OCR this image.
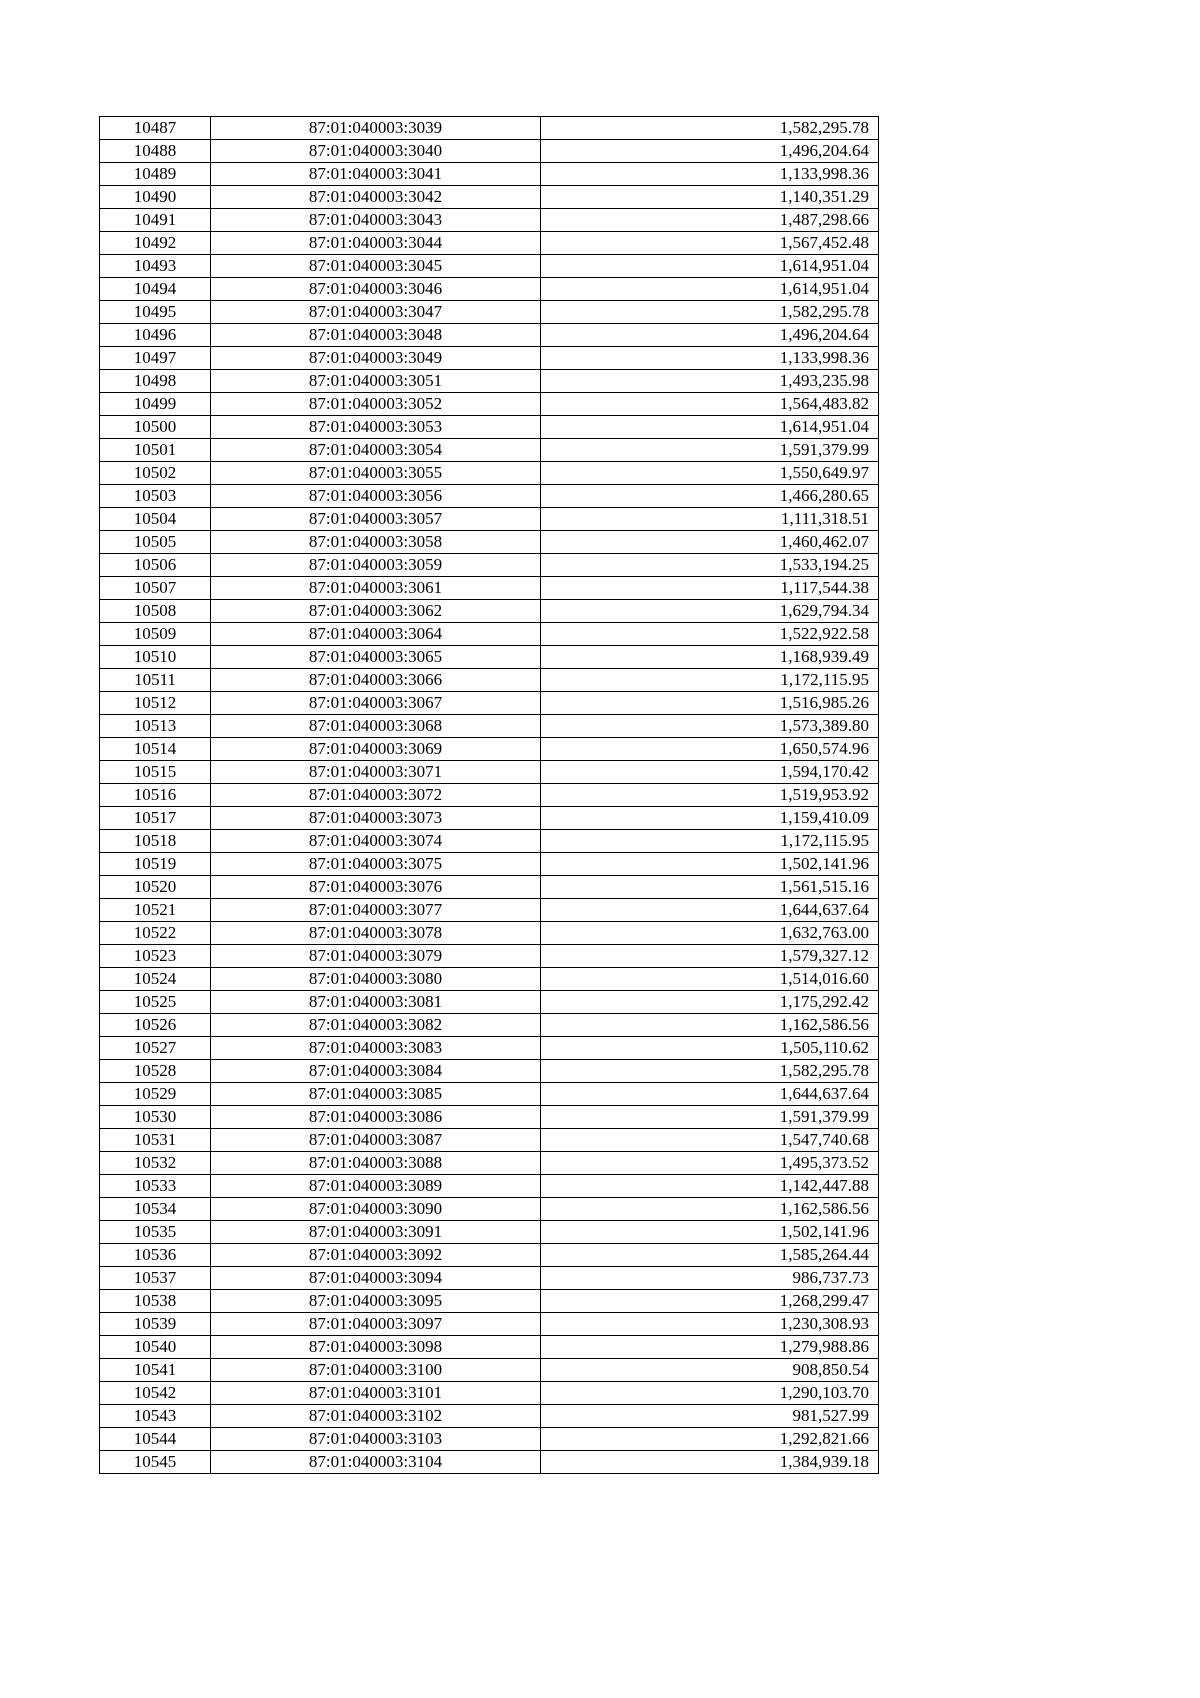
10487	87:01:040003:3039	1,582,295.78
10488	87:01:040003:3040	1,496,204.64
10489	87:01:040003:3041	1,133,998.36
10490	87:01:040003:3042	1,140,351.29
10491	87:01:040003:3043	1,487,298.66
10492	87:01:040003:3044	1,567,452.48
10493	87:01:040003:3045	1,614,951.04
10494	87:01:040003:3046	1,614,951.04
10495	87:01:040003:3047	1,582,295.78
10496	87:01:040003:3048	1,496,204.64
10497	87:01:040003:3049	1,133,998.36
10498	87:01:040003:3051	1,493,235.98
10499	87:01:040003:3052	1,564,483.82
10500	87:01:040003:3053	1,614,951.04
10501	87:01:040003:3054	1,591,379.99
10502	87:01:040003:3055	1,550,649.97
10503	87:01:040003:3056	1,466,280.65
10504	87:01:040003:3057	1,111,318.51
10505	87:01:040003:3058	1,460,462.07
10506	87:01:040003:3059	1,533,194.25
10507	87:01:040003:3061	1,117,544.38
10508	87:01:040003:3062	1,629,794.34
10509	87:01:040003:3064	1,522,922.58
10510	87:01:040003:3065	1,168,939.49
10511	87:01:040003:3066	1,172,115.95
10512	87:01:040003:3067	1,516,985.26
10513	87:01:040003:3068	1,573,389.80
10514	87:01:040003:3069	1,650,574.96
10515	87:01:040003:3071	1,594,170.42
10516	87:01:040003:3072	1,519,953.92
10517	87:01:040003:3073	1,159,410.09
10518	87:01:040003:3074	1,172,115.95
10519	87:01:040003:3075	1,502,141.96
10520	87:01:040003:3076	1,561,515.16
10521	87:01:040003:3077	1,644,637.64
10522	87:01:040003:3078	1,632,763.00
10523	87:01:040003:3079	1,579,327.12
10524	87:01:040003:3080	1,514,016.60
10525	87:01:040003:3081	1,175,292.42
10526	87:01:040003:3082	1,162,586.56
10527	87:01:040003:3083	1,505,110.62
10528	87:01:040003:3084	1,582,295.78
10529	87:01:040003:3085	1,644,637.64
10530	87:01:040003:3086	1,591,379.99
10531	87:01:040003:3087	1,547,740.68
10532	87:01:040003:3088	1,495,373.52
10533	87:01:040003:3089	1,142,447.88
10534	87:01:040003:3090	1,162,586.56
10535	87:01:040003:3091	1,502,141.96
10536	87:01:040003:3092	1,585,264.44
10537	87:01:040003:3094	986,737.73
10538	87:01:040003:3095	1,268,299.47
10539	87:01:040003:3097	1,230,308.93
10540	87:01:040003:3098	1,279,988.86
10541	87:01:040003:3100	908,850.54
10542	87:01:040003:3101	1,290,103.70
10543	87:01:040003:3102	981,527.99
10544	87:01:040003:3103	1,292,821.66
10545	87:01:040003:3104	1,384,939.18
